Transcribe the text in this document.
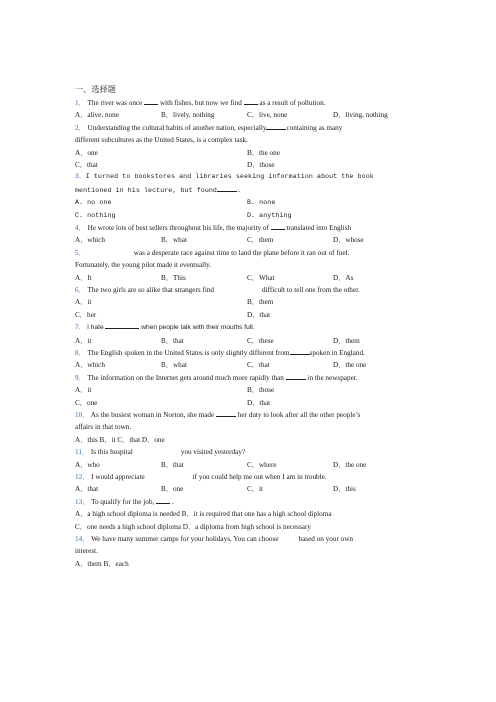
一、选择题
1． The river was once  with fishes, but now we find  as a result of pollution.
A．alive, none	B．lively, nothing	C．live, none	D．living, nothing
2． Understanding the cultural habits of another nation, especially	containing as many
different subcultures as the United States, is a complex task.
A．one	B．the one
C．that	D．those
3．I turned to bookstores and libraries seeking information about the book
mentioned in his lecture, but found	.
A. no one	B. none
C. nothing	D. anything
4． He wrote lots of best sellers throughout his life, the majority of  translated into English
A．which	B．what	C．them	D．whose
5．	was a desperate race against time to land the plane before it ran out of fuel.
Fortunately, the young pilot made it eventually.
A．It	B．This	C．What	D．As
6． The two girls are so alike that strangers find	difficult to tell one from the other.
A．it	B．them
C．her	D．that
7． I hate	when people talk with their mouths full.
A．it	B．that	C．these	D．them
8． The English spoken in the United States is only slightly different from	spoken in England.
A．which	B．what	C．that	D．the one
9． The information on the Internet gets around much more rapidly than	in the newspaper.
A．it	B．those
C．one	D．that
10． As the busiest woman in Norton, she made	her duty to look after all the other people’s
affairs in that town.
A．this B．it C．that D．one
11． Is this hospital	you visited yesterday?
A．who	B．that	C．where	D．the one
12． I would appreciate	if you could help me out when I am in trouble.
A．that	B．one	C．it	D．this
13． To qualify for the job,  .
A．a high school diploma is needed B．it is required that one has a high school diploma
C．one needs a high school diploma D．a diploma from high school is necessary
14． We have many summer camps for your holidays. You can choose	based on your own
interest.
A．them B．each
